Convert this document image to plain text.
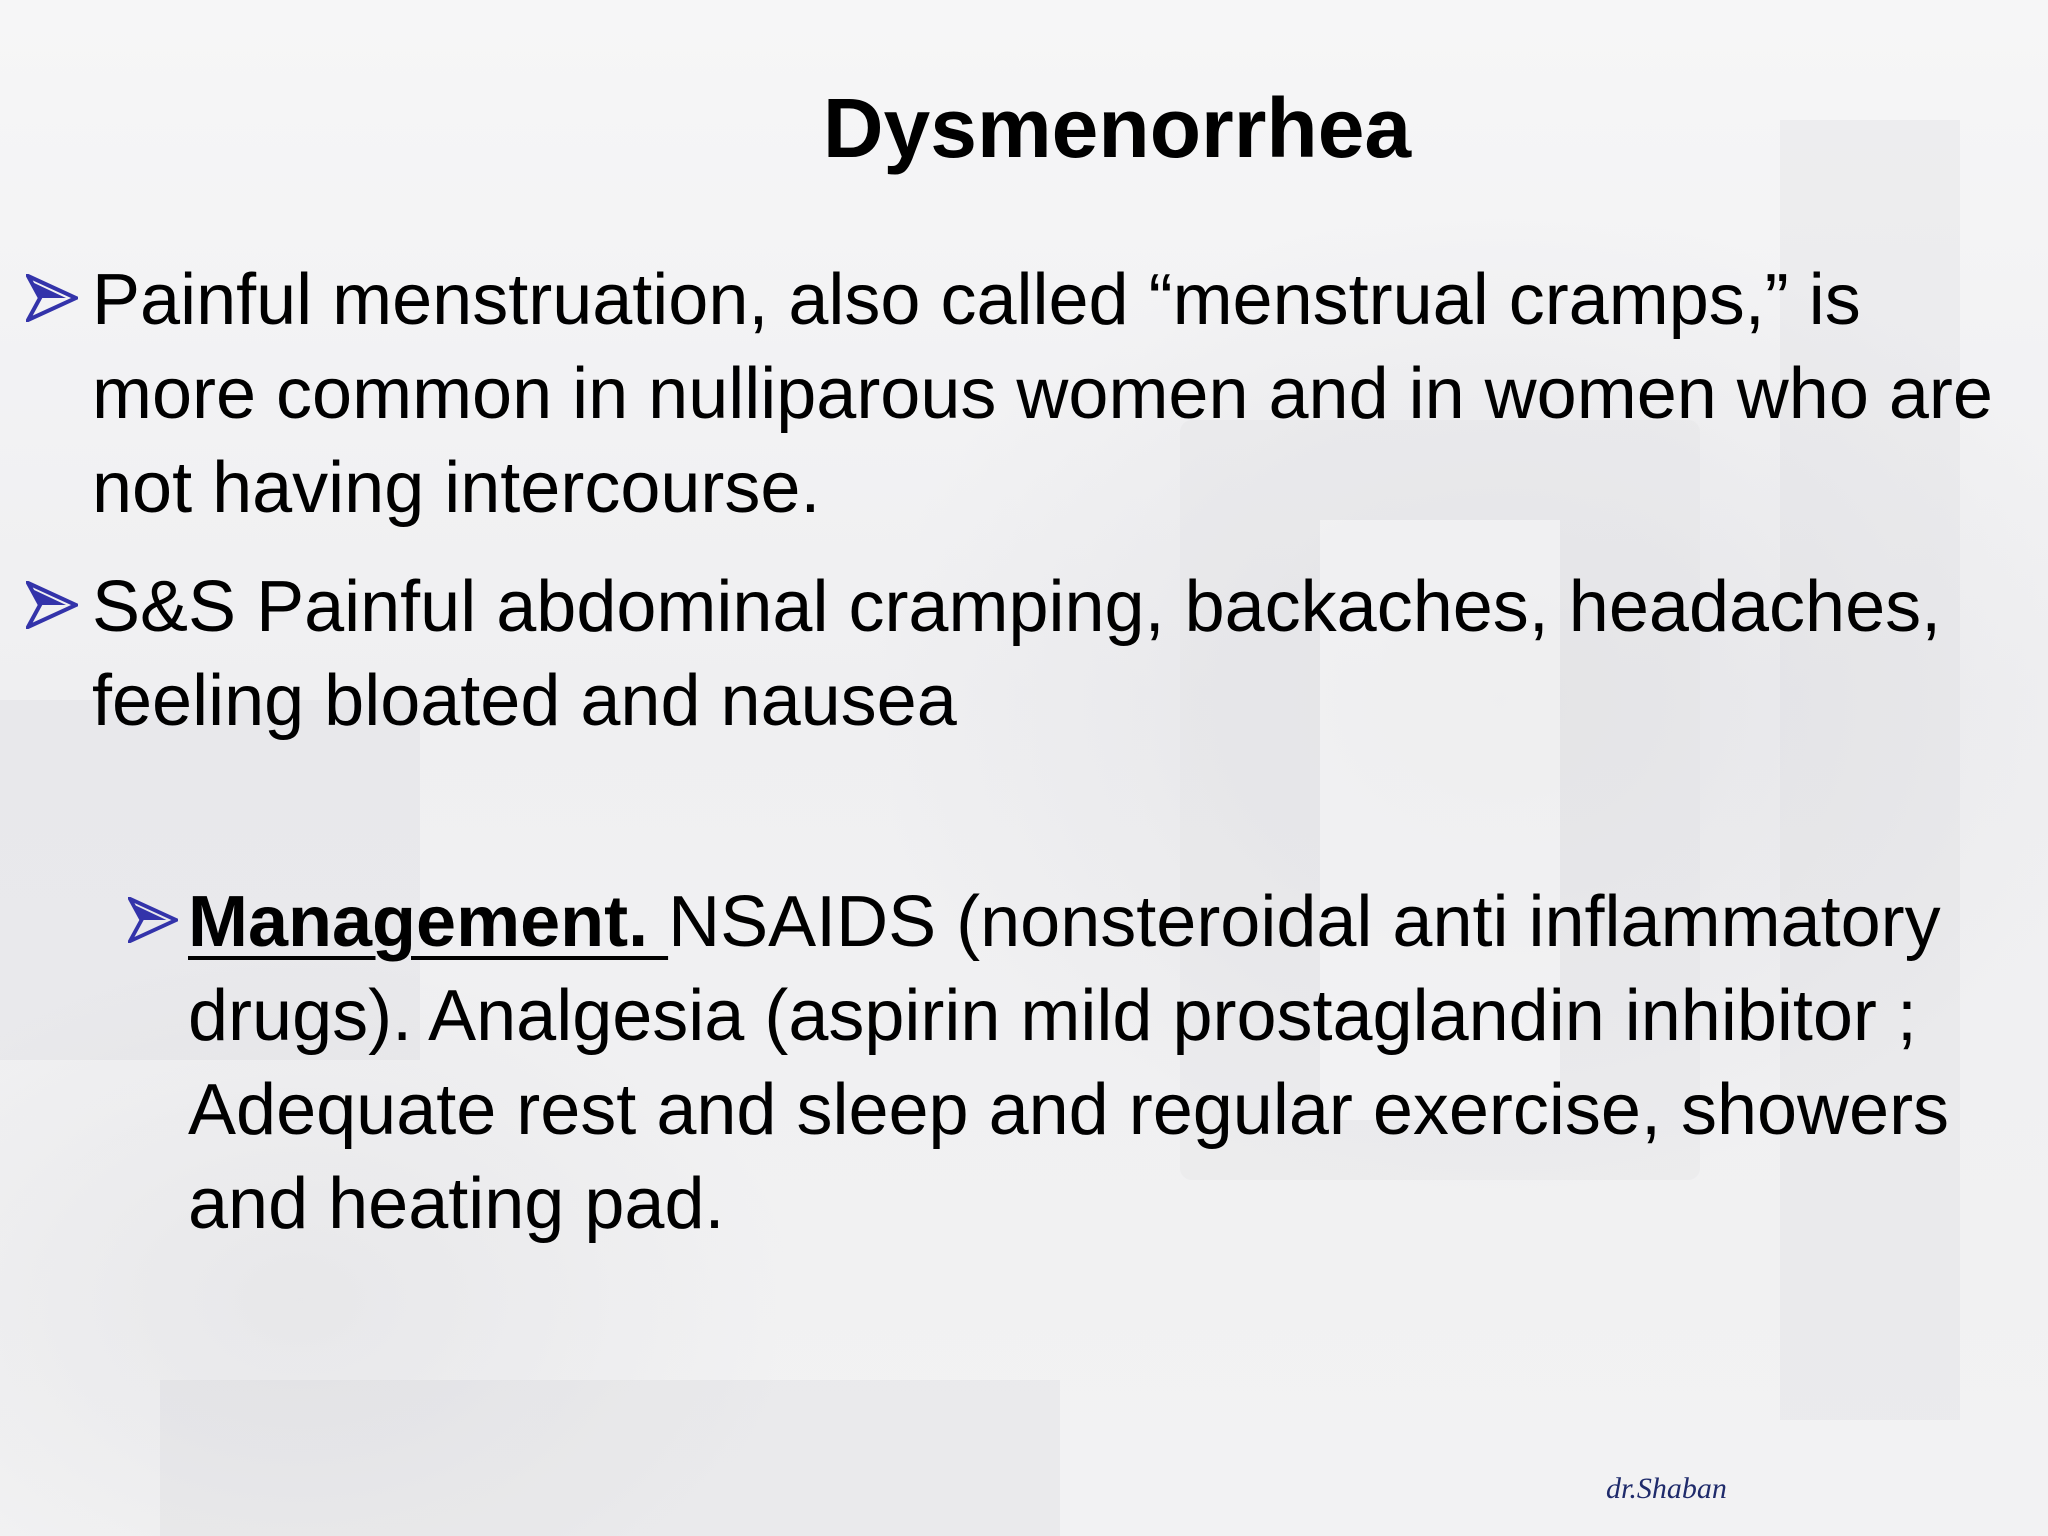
Dysmenorrhea

Painful menstruation, also called “menstrual cramps,” is more common in nulliparous women and in women who are not having intercourse.

S&S Painful abdominal cramping, backaches, headaches, feeling bloated and nausea

Management. NSAIDS (nonsteroidal anti inflammatory drugs). Analgesia (aspirin mild prostaglandin inhibitor ; Adequate rest and sleep and regular exercise, showers and heating pad.

dr.Shaban
